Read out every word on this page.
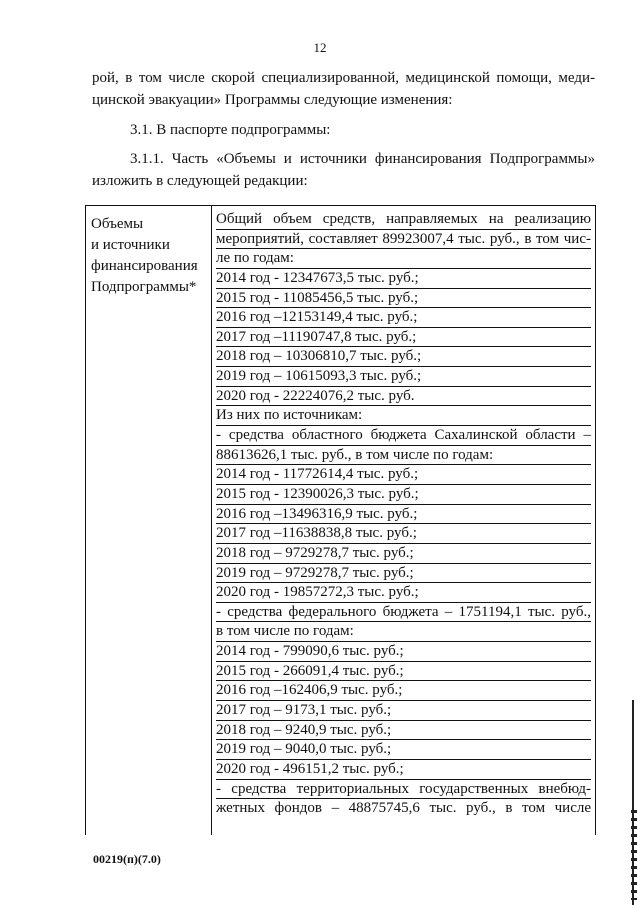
12
рой, в том числе скорой специализированной, медицинской помощи, меди-
цинской эвакуации» Программы следующие изменения:
3.1. В паспорте подпрограммы:
3.1.1. Часть «Объемы и источники финансирования Подпрограммы»
изложить в следующей редакции:
Объемы
и источники
финансирования
Подпрограммы*
Общий объем средств, направляемых на реализацию
мероприятий, составляет 89923007,4 тыс. руб., в том чис-
ле по годам:
2014 год - 12347673,5 тыс. руб.;
2015 год - 11085456,5 тыс. руб.;
2016 год –12153149,4 тыс. руб.;
2017 год –11190747,8 тыс. руб.;
2018 год – 10306810,7 тыс. руб.;
2019 год – 10615093,3 тыс. руб.;
2020 год - 22224076,2 тыс. руб.
Из них по источникам:
- средства областного бюджета Сахалинской области –
88613626,1 тыс. руб., в том числе по годам:
2014 год - 11772614,4 тыс. руб.;
2015 год - 12390026,3 тыс. руб.;
2016 год –13496316,9 тыс. руб.;
2017 год –11638838,8 тыс. руб.;
2018 год – 9729278,7 тыс. руб.;
2019 год – 9729278,7 тыс. руб.;
2020 год - 19857272,3 тыс. руб.;
- средства федерального бюджета – 1751194,1 тыс. руб.,
в том числе по годам:
2014 год - 799090,6 тыс. руб.;
2015 год - 266091,4 тыс. руб.;
2016 год –162406,9 тыс. руб.;
2017 год – 9173,1 тыс. руб.;
2018 год – 9240,9 тыс. руб.;
2019 год – 9040,0 тыс. руб.;
2020 год - 496151,2 тыс. руб.;
- средства территориальных государственных внебюд-
жетных фондов – 48875745,6 тыс. руб., в том числе
00219(п)(7.0)
